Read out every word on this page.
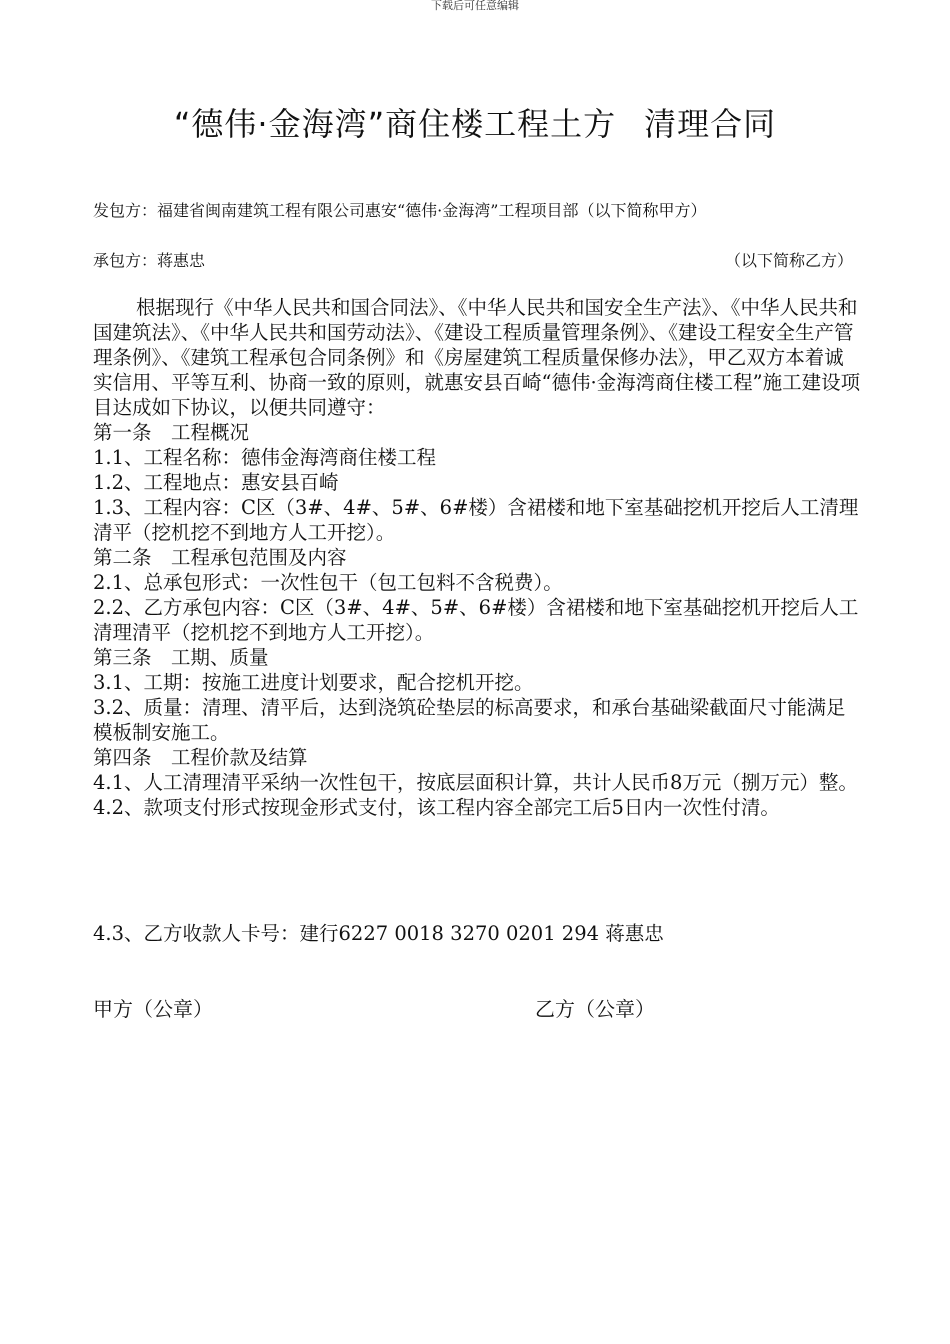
下载后可任意编辑
“德伟·金海湾”商住楼工程土方 清理合同
发包方：福建省闽南建筑工程有限公司惠安“德伟·金海湾”工程项目部（以下简称甲方）
承包方：蒋惠忠	（以下简称乙方）

根据现行《中华人民共和国合同法》、《中华人民共和国安全生产法》、《中华人民共和国建筑法》、《中华人民共和国劳动法》、《建设工程质量管理条例》、《建设工程安全生产管理条例》、《建筑工程承包合同条例》和《房屋建筑工程质量保修办法》，甲乙双方本着诚实信用、平等互利、协商一致的原则，就惠安县百崎“德伟·金海湾商住楼工程”施工建设项目达成如下协议，以便共同遵守：

第一条　工程概况

1.1、工程名称：德伟金海湾商住楼工程

1.2、工程地点：惠安县百崎

1.3、工程内容：C区（3#、4#、5#、6#楼）含裙楼和地下室基础挖机开挖后人工清理清平（挖机挖不到地方人工开挖）。

第二条　工程承包范围及内容

2.1、总承包形式：一次性包干（包工包料不含税费）。

2.2、乙方承包内容：C区（3#、4#、5#、6#楼）含裙楼和地下室基础挖机开挖后人工清理清平（挖机挖不到地方人工开挖）。

第三条　工期、质量

3.1、工期：按施工进度计划要求，配合挖机开挖。

3.2、质量：清理、清平后，达到浇筑砼垫层的标高要求，和承台基础梁截面尺寸能满足模板制安施工。

第四条　工程价款及结算

4.1、人工清理清平采纳一次性包干，按底层面积计算，共计人民币8万元（捌万元）整。

4.2、款项支付形式按现金形式支付，该工程内容全部完工后5日内一次性付清。

4.3、乙方收款人卡号：建行6227 0018 3270 0201 294 蒋惠忠
甲方（公章）	乙方（公章）
